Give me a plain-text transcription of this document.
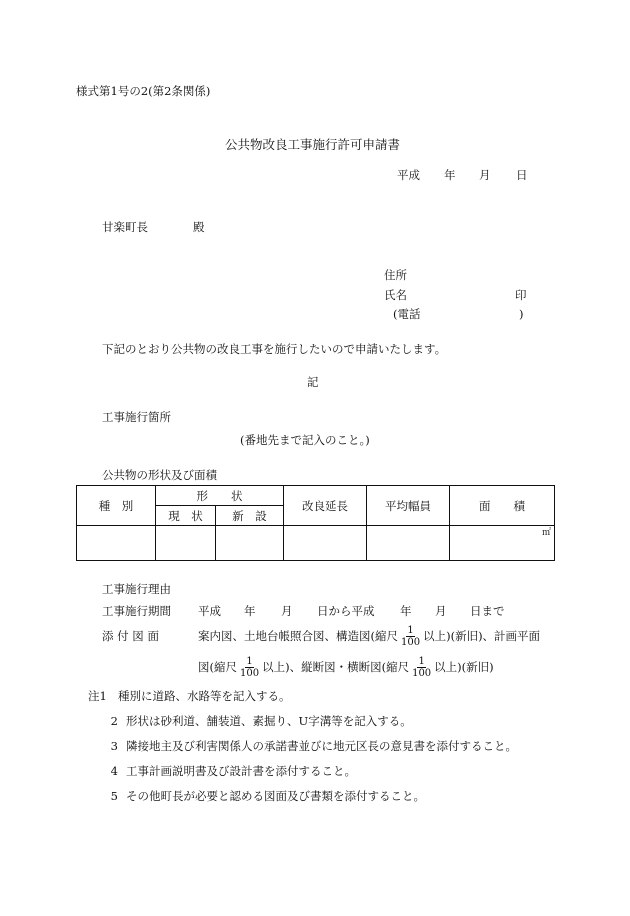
様式第1号の2(第2条関係)
公共物改良工事施行許可申請書
平成 年 月 日
甘楽町長	殿
住所
氏名	印
(電話	)
下記のとおり公共物の改良工事を施行したいので申請いたします。
記
工事施行箇所
(番地先まで記入のこと。)
公共物の形状及び面積
種　別	形　　状		改良延長	平均幅員	面　　積
	現　状	新　設			
					㎡
工事施行理由
工事施行期間 平成 年 月 日から平成 年 月 日まで
添 付 図 面	案内図、土地台帳照合図、構造図(縮尺 $\frac{1}{100}$ 以上)(新旧)、計画平面
図(縮尺 $\frac{1}{100}$ 以上)、縦断図・横断図(縮尺 $\frac{1}{100}$ 以上)(新旧)
注1 種別に道路、水路等を記入する。
2 形状は砂利道、舗装道、素掘り、U字溝等を記入する。
3 隣接地主及び利害関係人の承諾書並びに地元区長の意見書を添付すること。
4 工事計画説明書及び設計書を添付すること。
5 その他町長が必要と認める図面及び書類を添付すること。
